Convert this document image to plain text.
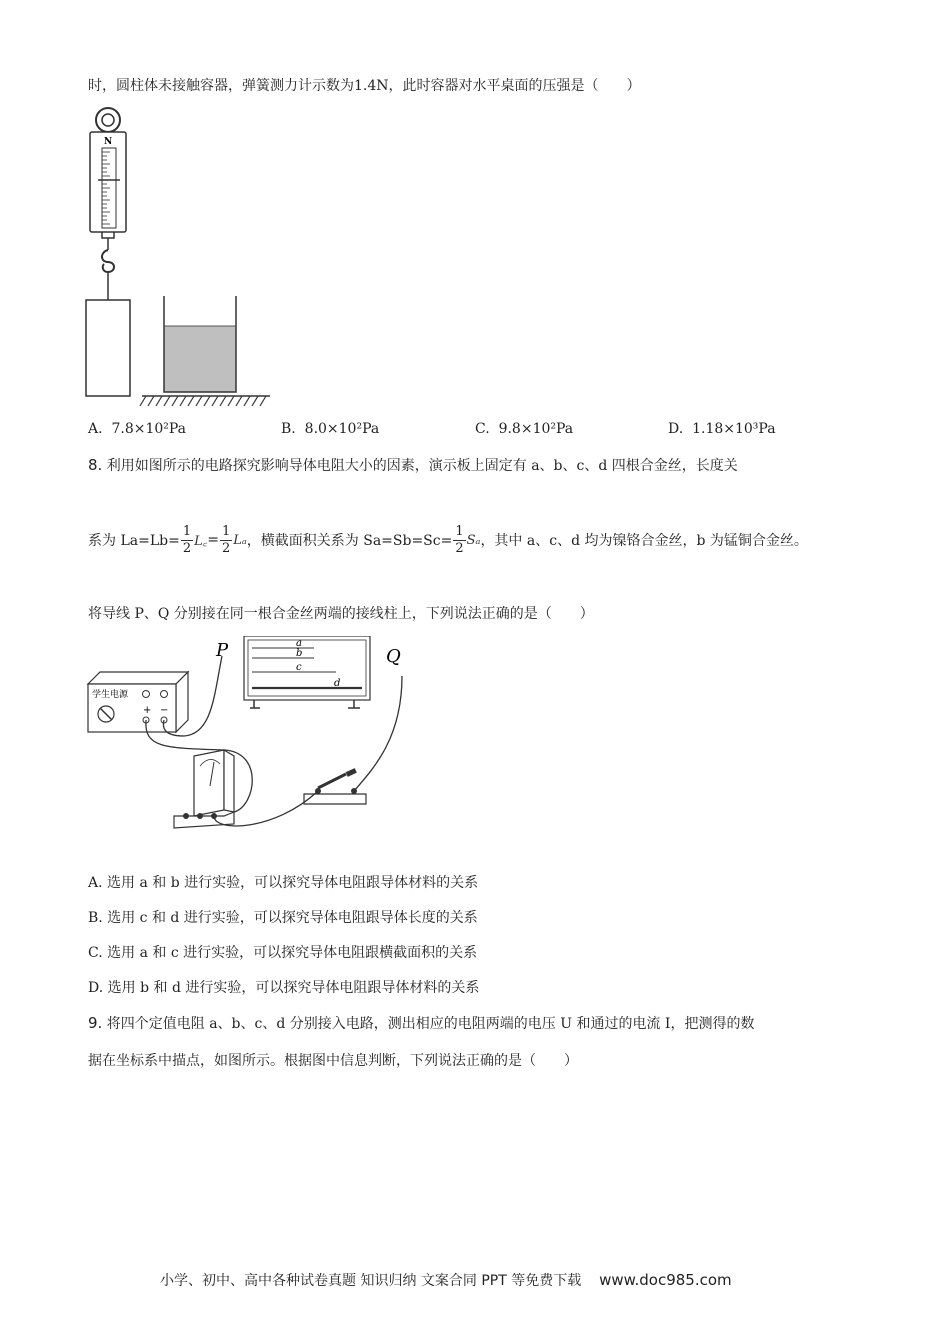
时，圆柱体未接触容器，弹簧测力计示数为1.4N，此时容器对水平桌面的压强是（　　）
N
A. 7.8×10²Pa	B. 8.0×10²Pa	C. 9.8×10²Pa	D. 1.18×10³Pa
8. 利用如图所示的电路探究影响导体电阻大小的因素，演示板上固定有 a、b、c、d 四根合金丝，长度关
系为 $La=Lb= \frac{1}{2}$ L꜀ = $\frac{1}{2}$ Lₐ ，横截面积关系为 $Sa=Sb=Sc= \frac{1}{2}$ Sₐ ，其中 a、c、d 均为镍铬合金丝，b 为锰铜合金丝。
将导线 P、Q 分别接在同一根合金丝两端的接线柱上，下列说法正确的是（　　）
学生电源
+ −
a
b
c
d
P	Q
A. 选用 a 和 b 进行实验，可以探究导体电阻跟导体材料的关系
B. 选用 c 和 d 进行实验，可以探究导体电阻跟导体长度的关系
C. 选用 a 和 c 进行实验，可以探究导体电阻跟横截面积的关系
D. 选用 b 和 d 进行实验，可以探究导体电阻跟导体材料的关系
9. 将四个定值电阻 a、b、c、d 分别接入电路，测出相应的电阻两端的电压 U 和通过的电流 I，把测得的数
据在坐标系中描点，如图所示。根据图中信息判断，下列说法正确的是（　　）
小学、初中、高中各种试卷真题 知识归纳 文案合同 PPT 等免费下载 www.doc985.com
